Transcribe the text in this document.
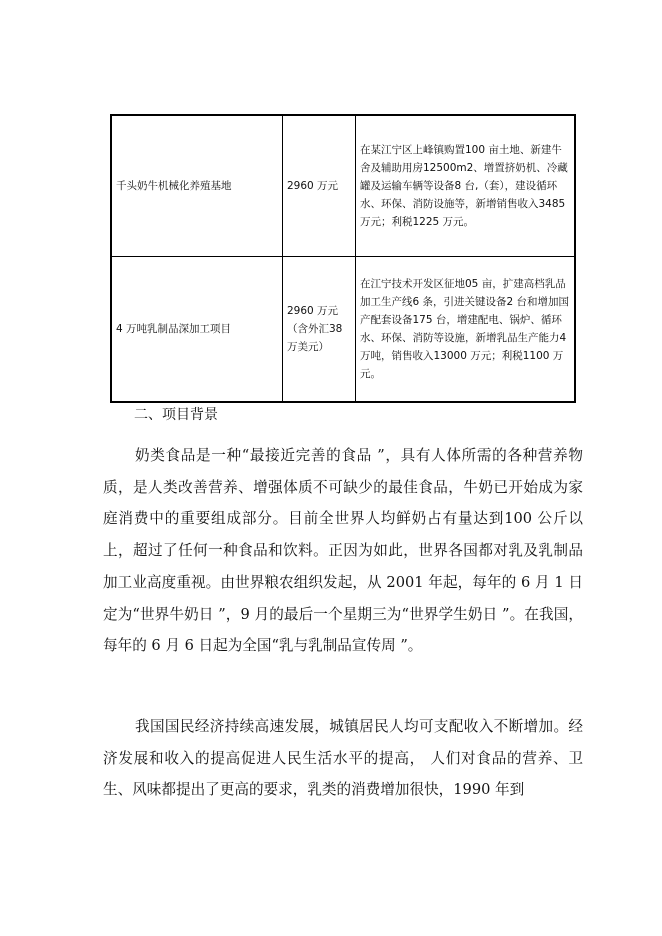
千头奶牛机械化养殖基地	2960 万元	在某江宁区上峰镇购置100 亩土地、新建牛舍及辅助用房12500m2、增置挤奶机、冷藏罐及运输车辆等设备8 台,（套），建设循环水、环保、消防设施等，新增销售收入3485 万元；利税1225 万元。
4 万吨乳制品深加工项目	2960 万元（含外汇38 万美元）	在江宁技术开发区征地05 亩，扩建高档乳品加工生产线6 条，引进关键设备2 台和增加国产配套设备175 台，增建配电、锅炉、循环水、环保、消防等设施，新增乳品生产能力4 万吨，销售收入13000 万元；利税1100 万元。
二、项目背景
奶类食品是一种“最接近完善的食品 ”，具有人体所需的各种营养物质，是人类改善营养、增强体质不可缺少的最佳食品，牛奶已开始成为家庭消费中的重要组成部分。目前全世界人均鲜奶占有量达到100 公斤以上，超过了任何一种食品和饮料。正因为如此，世界各国都对乳及乳制品加工业高度重视。由世界粮农组织发起，从 2001 年起，每年的 6 月 1 日定为“世界牛奶日 ”，9 月的最后一个星期三为“世界学生奶日 ”。在我国，每年的 6 月 6 日起为全国“乳与乳制品宣传周 ”。
我国国民经济持续高速发展，城镇居民人均可支配收入不断增加。经济发展和收入的提高促进人民生活水平的提高， 人们对食品的营养、卫生、风味都提出了更高的要求，乳类的消费增加很快，1990 年到
